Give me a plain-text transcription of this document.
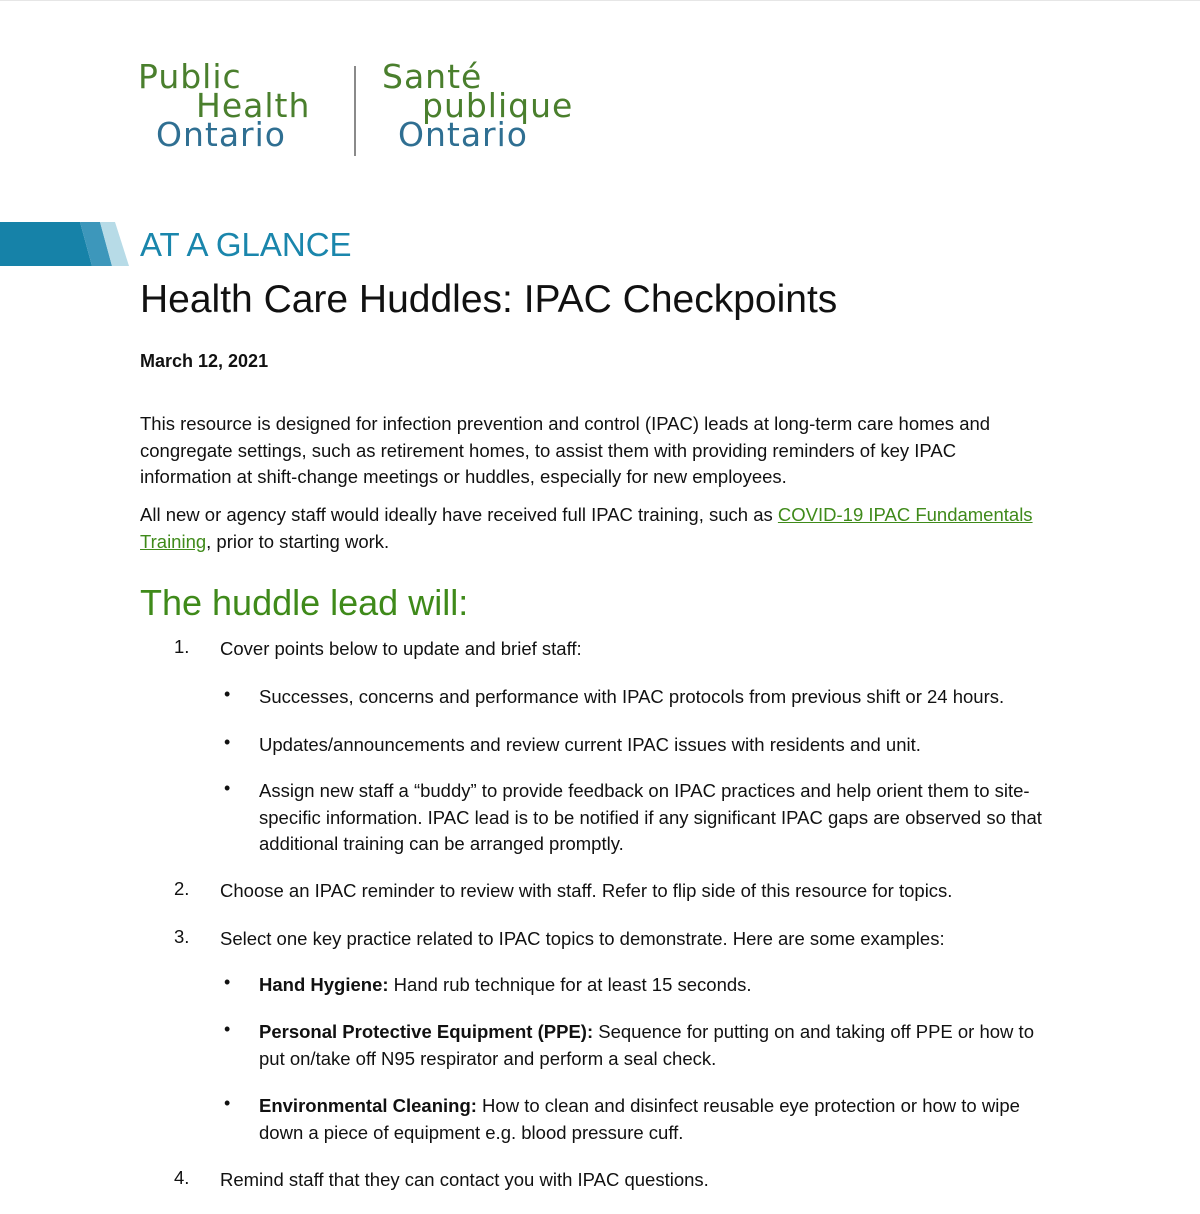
Public
Health
Ontario
Santé
publique
Ontario
AT A GLANCE
Health Care Huddles: IPAC Checkpoints
March 12, 2021
This resource is designed for infection prevention and control (IPAC) leads at long-term care homes and congregate settings, such as retirement homes, to assist them with providing reminders of key IPAC information at shift-change meetings or huddles, especially for new employees.
All new or agency staff would ideally have received full IPAC training, such as COVID-19 IPAC Fundamentals Training, prior to starting work.
The huddle lead will:
1. Cover points below to update and brief staff:
• Successes, concerns and performance with IPAC protocols from previous shift or 24 hours.
• Updates/announcements and review current IPAC issues with residents and unit.
• Assign new staff a “buddy” to provide feedback on IPAC practices and help orient them to site-specific information. IPAC lead is to be notified if any significant IPAC gaps are observed so that additional training can be arranged promptly.
2. Choose an IPAC reminder to review with staff. Refer to flip side of this resource for topics.
3. Select one key practice related to IPAC topics to demonstrate. Here are some examples:
• Hand Hygiene: Hand rub technique for at least 15 seconds.
• Personal Protective Equipment (PPE): Sequence for putting on and taking off PPE or how to put on/take off N95 respirator and perform a seal check.
• Environmental Cleaning: How to clean and disinfect reusable eye protection or how to wipe down a piece of equipment e.g. blood pressure cuff.
4. Remind staff that they can contact you with IPAC questions.
